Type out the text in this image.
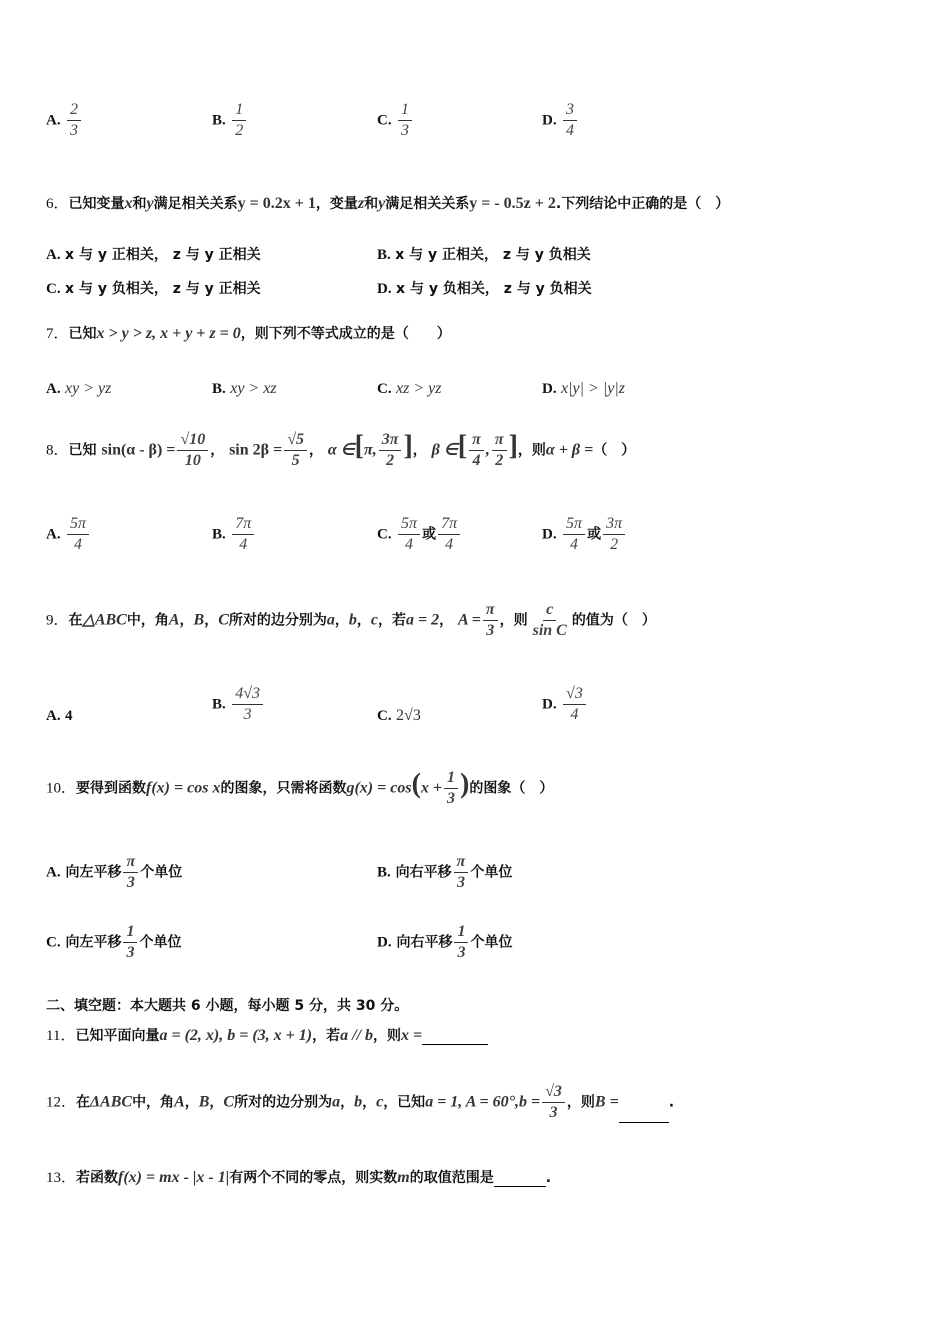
A. $\frac{2}{3}$	B. $\frac{1}{2}$	C. $\frac{1}{3}$	D. $\frac{3}{4}$
6．已知变量x和y满足相关关系y = 0.2x + 1，变量z和y满足相关关系y = - 0.5z + 2.下列结论中正确的是（　）
A. x 与 y 正相关， z 与 y 正相关	B. x 与 y 正相关， z 与 y 负相关
C. x 与 y 负相关， z 与 y 正相关	D. x 与 y 负相关， z 与 y 负相关
7．已知x > y > z, x + y + z = 0，则下列不等式成立的是（　　）
A. xy > yz	B. xy > xz	C. xz > yz	D. x|y| > |y|z
8．已知 $\sin(\alpha - \beta) = \frac{√10}{10}$ ， $\sin 2\beta = \frac{√5}{5}$ ， α ∈[π, $\frac{3\pi}{2}$ ]， β ∈[ $\frac{\pi}{4}$ , $\frac{\pi}{2}$ ]，则α + β =（　）
A. $\frac{5\pi}{4}$	B. $\frac{7\pi}{4}$	C. $\frac{5\pi}{4}$ 或 $\frac{7\pi}{4}$	D. $\frac{5\pi}{4}$ 或 $\frac{3\pi}{2}$
9．在△ABC中，角A，B，C所对的边分别为a，b，c，若a = 2， $A = \frac{\pi}{3}$ ，则 $\frac{c}{\text{sin C}}$ 的值为（　）
A. 4
B. $\frac{4√3}{3}$	C. 2√3
D. $\frac{√3}{4}$
10．要得到函数f(x) = cos x的图象，只需将函数$g(x) = \cos(x + \frac{1}{3}$ )的图象（　）
A. 向左平移 $\frac{\pi}{3}$ 个单位	B. 向右平移 $\frac{\pi}{3}$ 个单位
C. 向左平移 $\frac{1}{3}$ 个单位	D. 向右平移 $\frac{1}{3}$ 个单位
二、填空题：本大题共 6 小题，每小题 5 分，共 30 分。
11．已知平面向量a = (2, x), b = (3, x + 1)，若a // b，则x =
12．在ΔABC中，角A，B，C所对的边分别为a，b，c，已知a = 1, $A = 60^\circ,b = \frac{√3}{3}$ ，则B =	.
13．若函数f(x) = mx - |x - 1|有两个不同的零点，则实数m的取值范围是	.
